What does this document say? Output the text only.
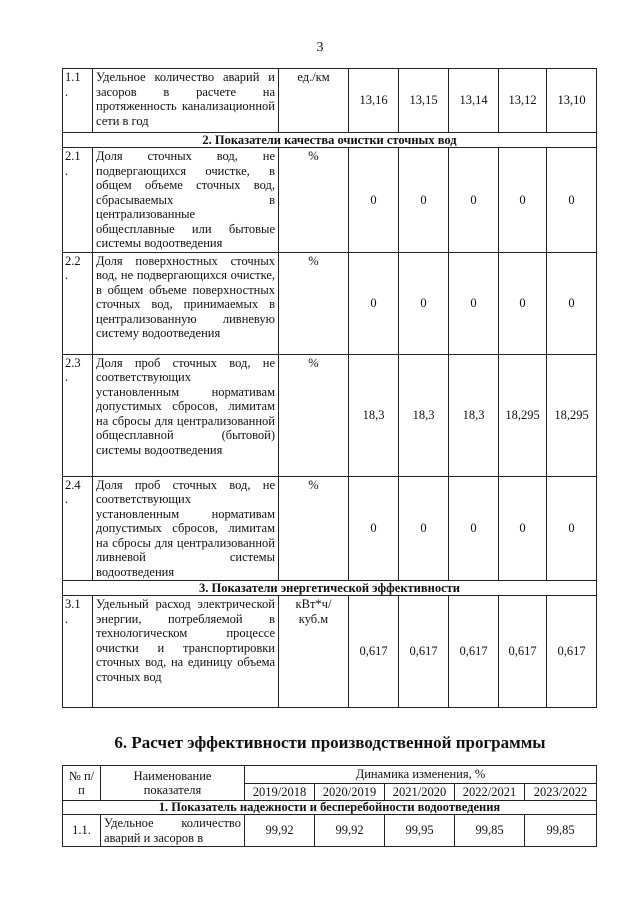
3
1.1
.	Удельное количество аварий и засоров в расчете на протяженность канализационной сети в год	ед./км	13,16	13,15	13,14	13,12	13,10
2. Показатели качества очистки сточных вод							

2.1
.	Доля сточных вод, не подвергающихся очистке, в общем объеме сточных вод, сбрасываемых в централизованные общесплавные или бытовые системы водоотведения	%	0	0	0	0	0

2.2
.	Доля поверхностных сточных вод, не подвергающихся очистке, в общем объеме поверхностных сточных вод, принимаемых в централизованную ливневую систему водоотведения	%	0	0	0	0	0

2.3
.	Доля проб сточных вод, не соответствующих установленным нормативам допустимых сбросов, лимитам на сбросы для централизованной общесплавной (бытовой) системы водоотведения	%	18,3	18,3	18,3	18,295	18,295

2.4
.	Доля проб сточных вод, не соответствующих установленным нормативам допустимых сбросов, лимитам на сбросы для централизованной ливневой системы водоотведения	%	0	0	0	0	0
3. Показатели энергетической эффективности							

3.1
.	Удельный расход электрической энергии, потребляемой в технологическом процессе очистки и транспортировки сточных вод, на единицу объема сточных вод	кВт*ч/ куб.м	0,617	0,617	0,617	0,617	0,617
6. Расчет эффективности производственной программы
№ п/п	Наименование показателя	Динамика изменения, %				
		2019/2018	2020/2019	2021/2020	2022/2021	2023/2022
1. Показатель надежности и бесперебойности водоотведения						
1.1.	Удельное количество аварий и засоров в	99,92	99,92	99,95	99,85	99,85
